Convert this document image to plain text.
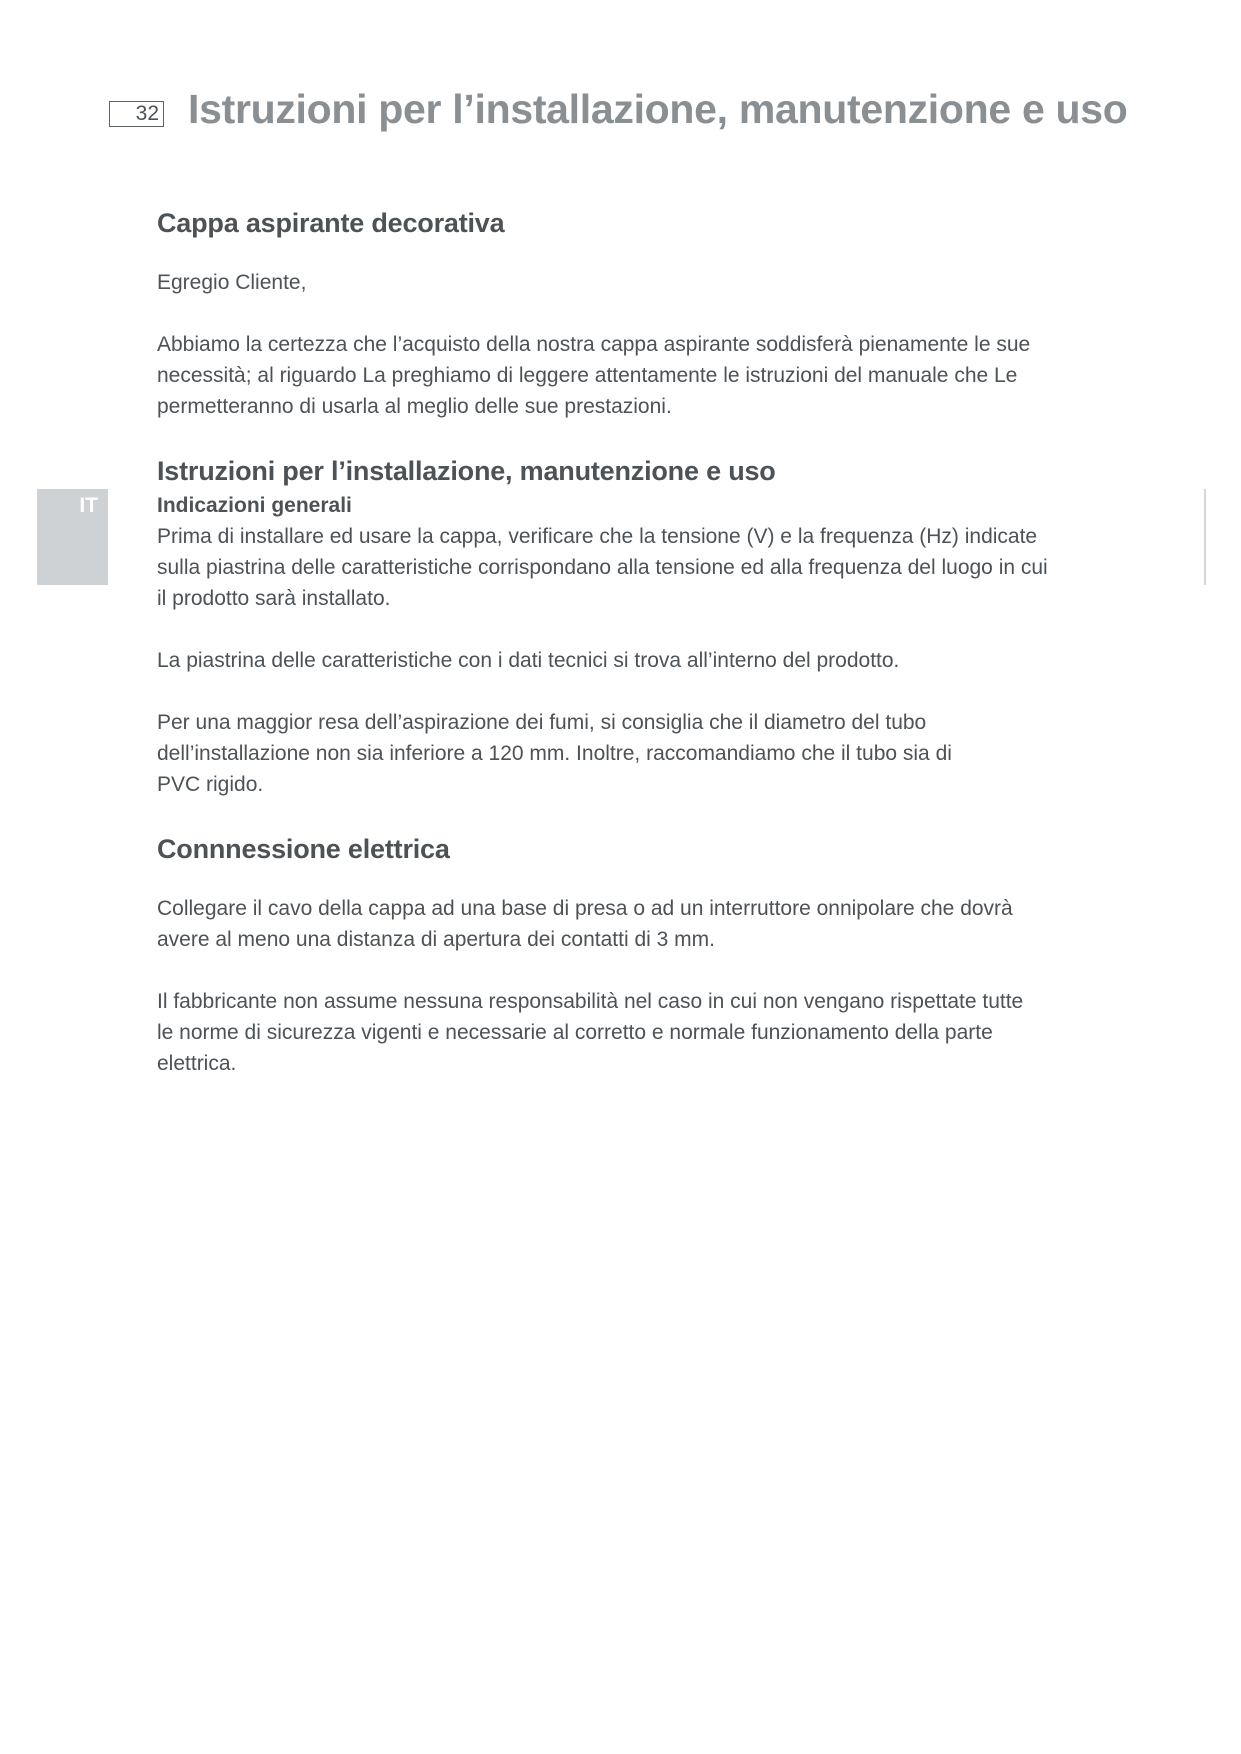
32 Istruzioni per l’installazione, manutenzione e uso
IT
Cappa aspirante decorativa

Egregio Cliente,

Abbiamo la certezza che l’acquisto della nostra cappa aspirante soddisferà pienamente le sue
necessità; al riguardo La preghiamo di leggere attentamente le istruzioni del manuale che Le
permetteranno di usarla al meglio delle sue prestazioni.

Istruzioni per l’installazione, manutenzione e uso
Indicazioni generali

Prima di installare ed usare la cappa, verificare che la tensione (V) e la frequenza (Hz) indicate
sulla piastrina delle caratteristiche corrispondano alla tensione ed alla frequenza del luogo in cui
il prodotto sarà installato.

La piastrina delle caratteristiche con i dati tecnici si trova all’interno del prodotto.

Per una maggior resa dell’aspirazione dei fumi, si consiglia che il diametro del tubo
dell’installazione non sia inferiore a 120 mm. Inoltre, raccomandiamo che il tubo sia di
PVC rigido.

Connnessione elettrica

Collegare il cavo della cappa ad una base di presa o ad un interruttore onnipolare che dovrà
avere al meno una distanza di apertura dei contatti di 3 mm.

Il fabbricante non assume nessuna responsabilità nel caso in cui non vengano rispettate tutte
le norme di sicurezza vigenti e necessarie al corretto e normale funzionamento della parte
elettrica.
